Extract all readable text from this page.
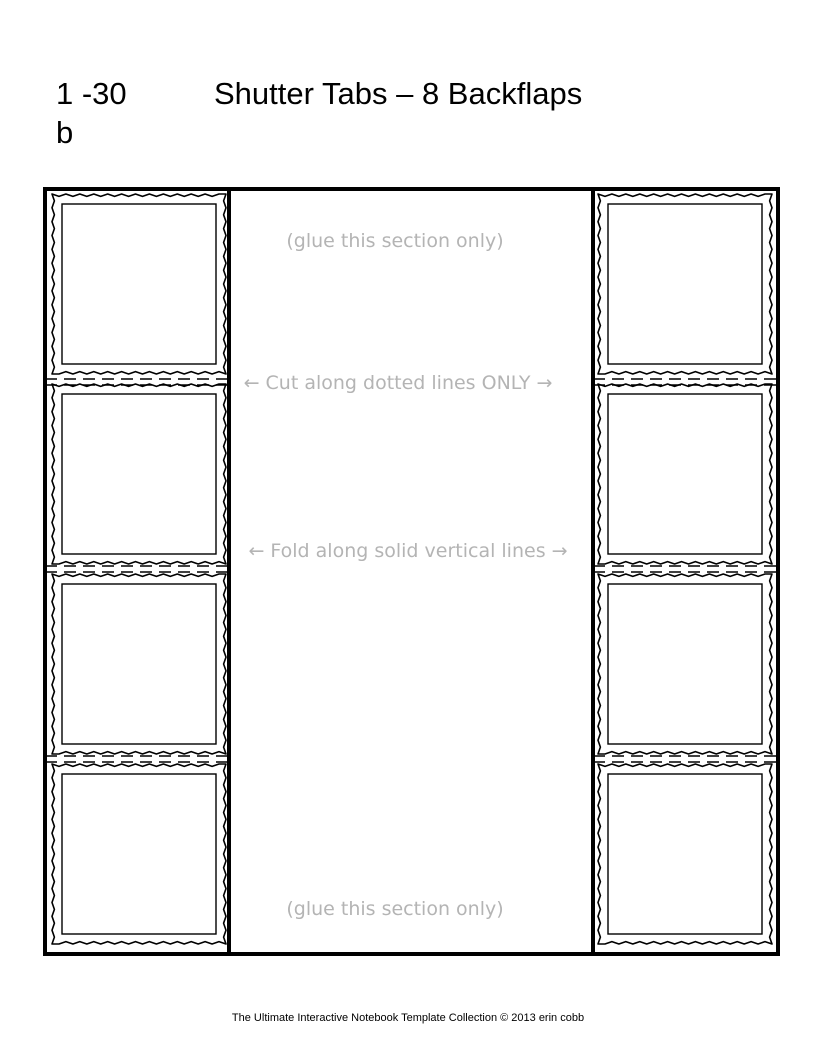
1 -30
b
Shutter Tabs – 8 Backflaps
(glue this section only)
← Cut along dotted lines ONLY →
← Fold along solid vertical lines →
(glue this section only)
The Ultimate Interactive Notebook Template Collection © 2013 erin cobb
